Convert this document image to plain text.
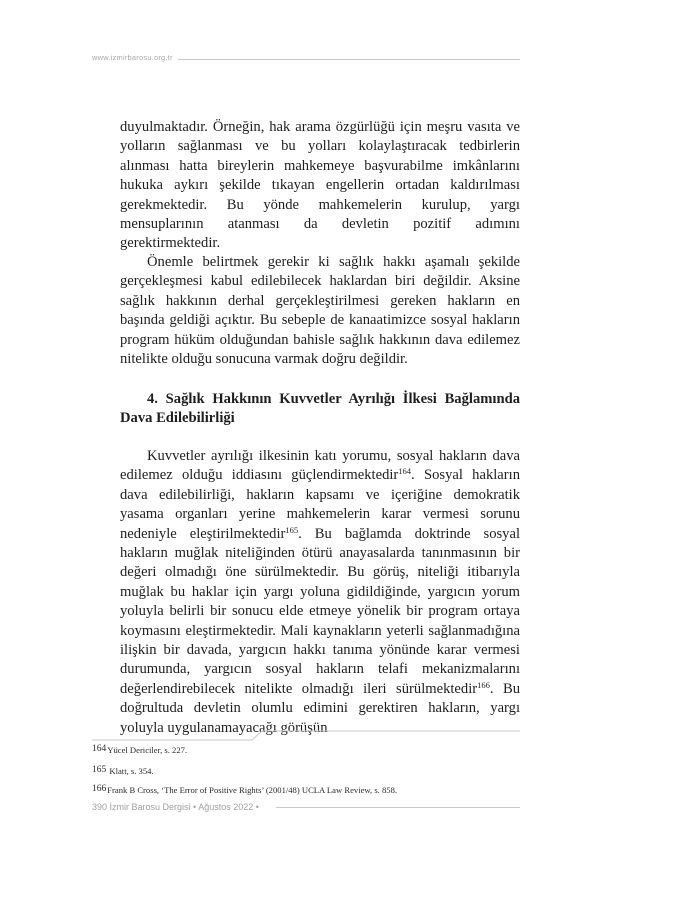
www.izmirbarosu.org.tr

duyulmaktadır. Örneğin, hak arama özgürlüğü için meşru vasıta ve yolların sağlanması ve bu yolları kolaylaştıracak tedbirlerin alınması hatta bireylerin mahkemeye başvurabilme imkânlarını hukuka aykırı şekilde tıkayan engellerin ortadan kaldırılması gerekmektedir. Bu yönde mahkemelerin kurulup, yargı mensuplarının atanması da devletin pozitif adımını gerektirmektedir.

Önemle belirtmek gerekir ki sağlık hakkı aşamalı şekilde gerçekleşmesi kabul edilebilecek haklardan biri değildir. Aksine sağlık hakkının derhal gerçekleştirilmesi gereken hakların en başında geldiği açıktır. Bu sebeple de kanaatimizce sosyal hakların program hüküm olduğundan bahisle sağlık hakkının dava edilemez nitelikte olduğu sonucuna varmak doğru değildir.

4. Sağlık Hakkının Kuvvetler Ayrılığı İlkesi Bağlamında Dava Edilebilirliği

Kuvvetler ayrılığı ilkesinin katı yorumu, sosyal hakların dava edilemez olduğu iddiasını güçlendirmektedir$^{164}$. Sosyal hakların dava edilebilirliği, hakların kapsamı ve içeriğine demokratik yasama organları yerine mahkemelerin karar vermesi sorunu nedeniyle eleştirilmektedir$^{165}$. Bu bağlamda doktrinde sosyal hakların muğlak niteliğinden ötürü anayasalarda tanınmasının bir değeri olmadığı öne sürülmektedir. Bu görüş, niteliği itibarıyla muğlak bu haklar için yargı yoluna gidildiğinde, yargıcın yorum yoluyla belirli bir sonucu elde etmeye yönelik bir program ortaya koymasını eleştirmektedir. Mali kaynakların yeterli sağlanmadığına ilişkin bir davada, yargıcın hakkı tanıma yönünde karar vermesi durumunda, yargıcın sosyal hakların telafi mekanizmalarını değerlendirebilecek nitelikte olmadığı ileri sürülmektedir$^{166}$. Bu doğrultuda devletin olumlu edimini gerektiren hakların, yargı yoluyla uygulanamayacağı görüşün

164Yücel Dericiler, s. 227.
165 Klatt, s. 354.
166Frank B Cross, ‘The Error of Positive Rights’ (2001/48) UCLA Law Review, s. 858.
390 İzmir Barosu Dergisi • Ağustos 2022 •
